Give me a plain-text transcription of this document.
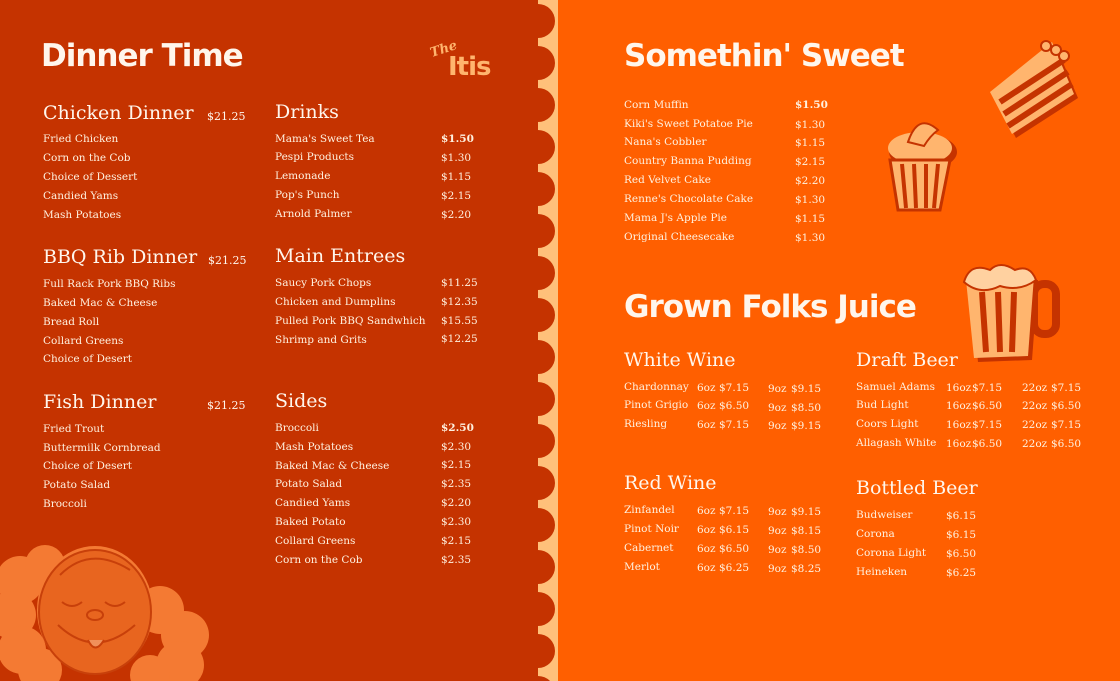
Dinner Time	The
Itis
Chicken Dinner $21.25
Fried Chicken
Corn on the Cob
Choice of Dessert
Candied Yams
Mash Potatoes
BBQ Rib Dinner $21.25
Full Rack Pork BBQ Ribs
Baked Mac & Cheese
Bread Roll
Collard Greens
Choice of Desert
Fish Dinner	$21.25
Fried Trout
Buttermilk Cornbread
Choice of Desert
Potato Salad
Broccoli
Drinks
Mama's Sweet Tea	$1.50
Pespi Products	$1.30
Lemonade	$1.15
Pop's Punch	$2.15
Arnold Palmer	$2.20
Main Entrees
Saucy Pork Chops	$11.25
Chicken and Dumplins	$12.35
Pulled Pork BBQ Sandwhich $15.55
Shrimp and Grits	$12.25
Sides
Broccoli	$2.50
Mash Potatoes	$2.30
Baked Mac & Cheese	$2.15
Potato Salad	$2.35
Candied Yams	$2.20
Baked Potato	$2.30
Collard Greens	$2.15
Corn on the Cob	$2.35
Somethin' Sweet
Corn Muffin	$1.50
Kiki's Sweet Potatoe Pie	$1.30
Nana's Cobbler	$1.15
Country Banna Pudding	$2.15
Red Velvet Cake	$2.20
Renne's Chocolate Cake	$1.30
Mama J's Apple Pie	$1.15
Original Cheesecake	$1.30
Grown Folks Juice
White Wine
Chardonnay 6oz $7.15 9oz $9.15
Pinot Grigio 6oz $6.50 9oz $8.50
Riesling	6oz $7.15 9oz $9.15
Red Wine
Zinfandel 6oz $7.15 9oz $9.15
Pinot Noir 6oz $6.15 9oz $8.15
Cabernet 6oz $6.50 9oz $8.50
Merlot	6oz $6.25 9oz $8.25
Draft Beer
Samuel Adams 16oz $7.15 22oz $7.15
Bud Light	16oz $6.50 22oz $6.50
Coors Light	16oz $7.15 22oz $7.15
Allagash White 16oz $6.50 22oz $6.50
Bottled Beer
Budweiser	$6.15
Corona	$6.15
Corona Light $6.50
Heineken	$6.25
